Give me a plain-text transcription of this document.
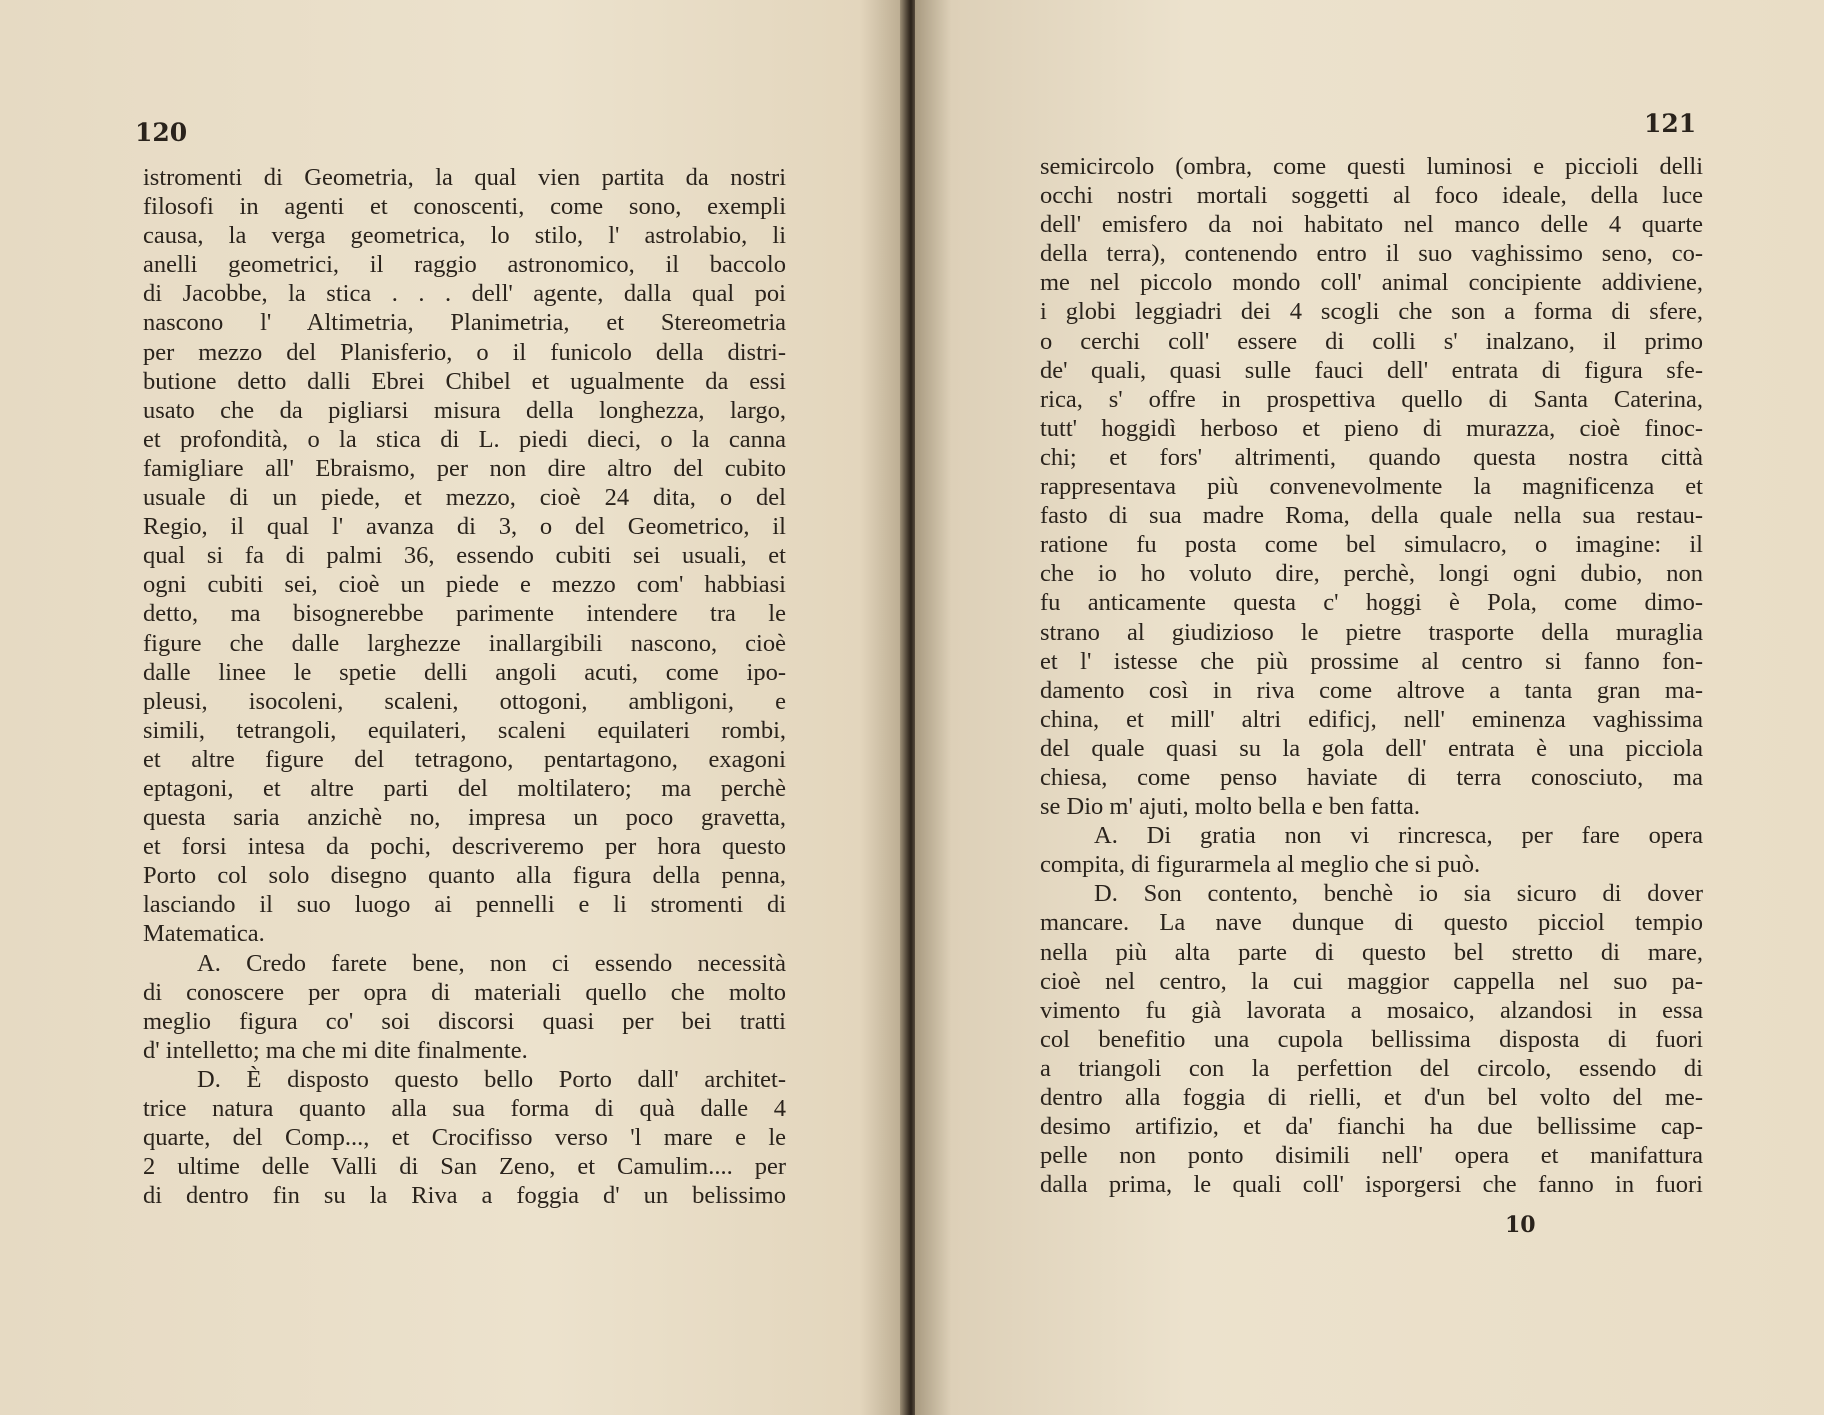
120
istromenti di Geometria, la qual vien partita da nostri
filosofi in agenti et conoscenti, come sono, exempli
causa, la verga geometrica, lo stilo, l' astrolabio, li
anelli geometrici, il raggio astronomico, il baccolo
di Jacobbe, la stica . . . dell' agente, dalla qual poi
nascono l' Altimetria, Planimetria, et Stereometria
per mezzo del Planisferio, o il funicolo della distri-
butione detto dalli Ebrei Chibel et ugualmente da essi
usato che da pigliarsi misura della longhezza, largo,
et profondità, o la stica di L. piedi dieci, o la canna
famigliare all' Ebraismo, per non dire altro del cubito
usuale di un piede, et mezzo, cioè 24 dita, o del
Regio, il qual l' avanza di 3, o del Geometrico, il
qual si fa di palmi 36, essendo cubiti sei usuali, et
ogni cubiti sei, cioè un piede e mezzo com' habbiasi
detto, ma bisognerebbe parimente intendere tra le
figure che dalle larghezze inallargibili nascono, cioè
dalle linee le spetie delli angoli acuti, come ipo-
pleusi, isocoleni, scaleni, ottogoni, ambligoni, e
simili, tetrangoli, equilateri, scaleni equilateri rombi,
et altre figure del tetragono, pentartagono, exagoni
eptagoni, et altre parti del moltilatero; ma perchè
questa saria anzichè no, impresa un poco gravetta,
et forsi intesa da pochi, descriveremo per hora questo
Porto col solo disegno quanto alla figura della penna,
lasciando il suo luogo ai pennelli e li stromenti di
Matematica.
A. Credo farete bene, non ci essendo necessità
di conoscere per opra di materiali quello che molto
meglio figura co' soi discorsi quasi per bei tratti
d' intelletto; ma che mi dite finalmente.
D. È disposto questo bello Porto dall' architet-
trice natura quanto alla sua forma di quà dalle 4
quarte, del Comp..., et Crocifisso verso 'l mare e le
2 ultime delle Valli di San Zeno, et Camulim.... per
di dentro fin su la Riva a foggia d' un belissimo
121
semicircolo (ombra, come questi luminosi e piccioli delli
occhi nostri mortali soggetti al foco ideale, della luce
dell' emisfero da noi habitato nel manco delle 4 quarte
della terra), contenendo entro il suo vaghissimo seno, co-
me nel piccolo mondo coll' animal concipiente addiviene,
i globi leggiadri dei 4 scogli che son a forma di sfere,
o cerchi coll' essere di colli s' inalzano, il primo
de' quali, quasi sulle fauci dell' entrata di figura sfe-
rica, s' offre in prospettiva quello di Santa Caterina,
tutt' hoggidì herboso et pieno di murazza, cioè finoc-
chi; et fors' altrimenti, quando questa nostra città
rappresentava più convenevolmente la magnificenza et
fasto di sua madre Roma, della quale nella sua restau-
ratione fu posta come bel simulacro, o imagine: il
che io ho voluto dire, perchè, longi ogni dubio, non
fu anticamente questa c' hoggi è Pola, come dimo-
strano al giudizioso le pietre trasporte della muraglia
et l' istesse che più prossime al centro si fanno fon-
damento così in riva come altrove a tanta gran ma-
china, et mill' altri edificj, nell' eminenza vaghissima
del quale quasi su la gola dell' entrata è una picciola
chiesa, come penso haviate di terra conosciuto, ma
se Dio m' ajuti, molto bella e ben fatta.
A. Di gratia non vi rincresca, per fare opera
compita, di figurarmela al meglio che si può.
D. Son contento, benchè io sia sicuro di dover
mancare. La nave dunque di questo picciol tempio
nella più alta parte di questo bel stretto di mare,
cioè nel centro, la cui maggior cappella nel suo pa-
vimento fu già lavorata a mosaico, alzandosi in essa
col benefitio una cupola bellissima disposta di fuori
a triangoli con la perfettion del circolo, essendo di
dentro alla foggia di rielli, et d'un bel volto del me-
desimo artifizio, et da' fianchi ha due bellissime cap-
pelle non ponto disimili nell' opera et manifattura
dalla prima, le quali coll' isporgersi che fanno in fuori
10
